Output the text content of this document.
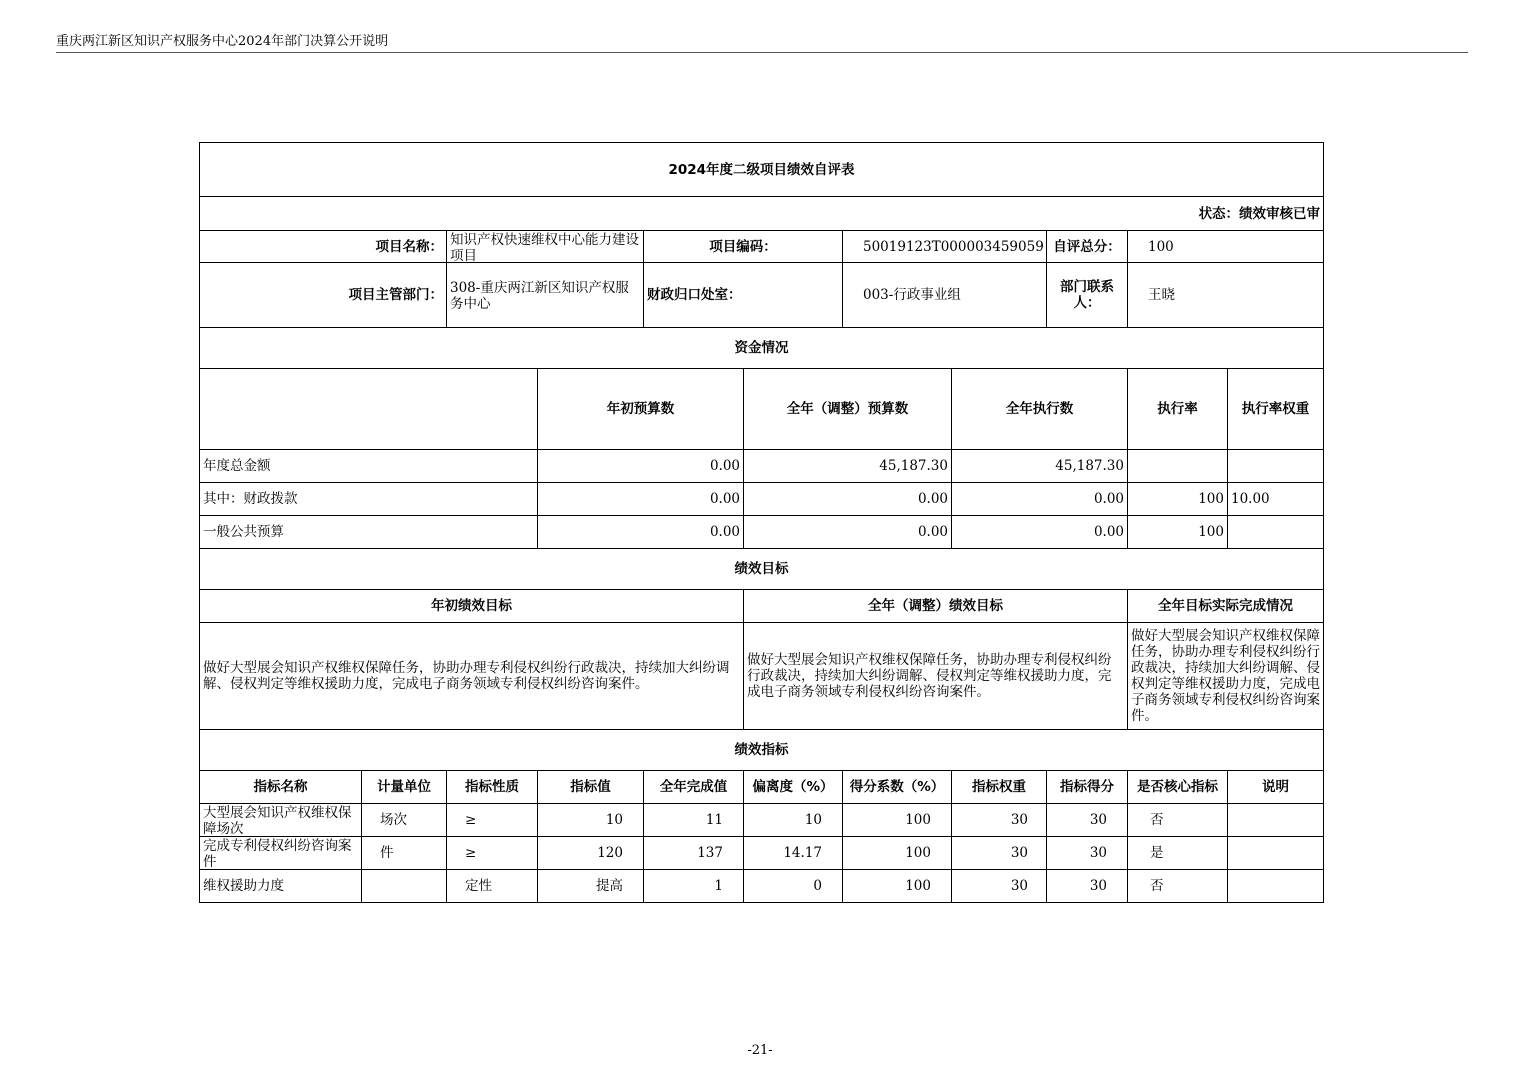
重庆两江新区知识产权服务中心2024年部门决算公开说明
2024年度二级项目绩效自评表											
状态：绩效审核已审											
项目名称：		知识产权快速维权中心能力建设项目		项目编码：		50019123T000003459059		自评总分：	100		
项目主管部门：		308-重庆两江新区知识产权服务中心		财政归口处室：		003-行政事业组		部门联系人：	王晓		
资金情况											
			年初预算数		全年（调整）预算数		全年执行数		执行率	执行率权重	
年度总金额			0.00		45,187.30		45,187.30				
其中：财政拨款			0.00		0.00		0.00		100	10.00	
一般公共预算			0.00		0.00		0.00		100		
绩效目标											
年初绩效目标					全年（调整）绩效目标				全年目标实际完成情况		
做好大型展会知识产权维权保障任务，协助办理专利侵权纠纷行政裁决，持续加大纠纷调解、侵权判定等维权援助力度，完成电子商务领域专利侵权纠纷咨询案件。					做好大型展会知识产权维权保障任务，协助办理专利侵权纠纷行政裁决，持续加大纠纷调解、侵权判定等维权援助力度，完成电子商务领域专利侵权纠纷咨询案件。				做好大型展会知识产权维权保障任务，协助办理专利侵权纠纷行政裁决，持续加大纠纷调解、侵权判定等维权援助力度，完成电子商务领域专利侵权纠纷咨询案件。		
绩效指标											
指标名称	计量单位	指标性质	指标值	全年完成值	偏离度（%）	得分系数（%）	指标权重	指标得分	是否核心指标	说明	

大型展会知识产权维权保障场次	场次	≥	10	11	10	100	30	30	否		

完成专利侵权纠纷咨询案件	件	≥	120	137	14.17	100	30	30	是		

维权援助力度		定性	提高	1	0	100	30	30	否		
-21-
